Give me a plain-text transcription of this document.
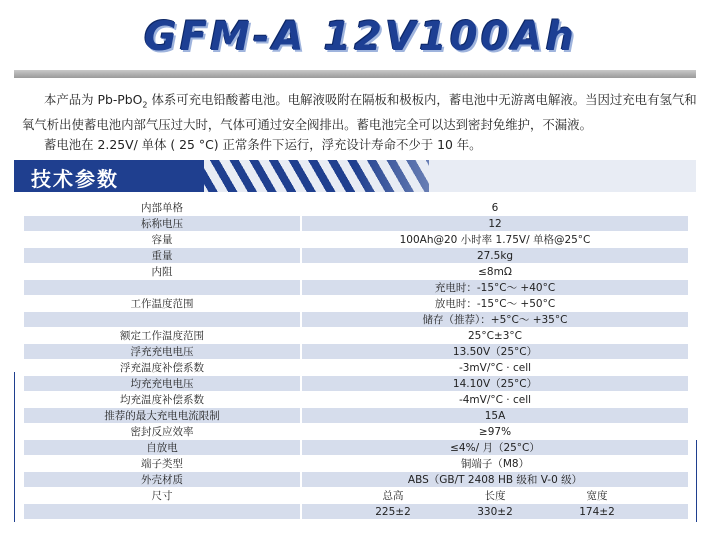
GFM-A 12V100Ah

本产品为 Pb-PbO$_2$ 体系可充电铅酸蓄电池。电解液吸附在隔板和极板内，蓄电池中无游离电解液。当因过充电有氢气和氧气析出使蓄电池内部气压过大时，气体可通过安全阀排出。蓄电池完全可以达到密封免维护，不漏液。

蓄电池在 2.25V/ 单体 ( 25 °C) 正常条件下运行，浮充设计寿命不少于 10 年。

技术参数
内部单格	6
标称电压	12
容量	100Ah@20 小时率 1.75V/ 单格@25°C
重量	27.5kg
内阻	≤8mΩ
	充电时：-15°C～ +40°C
工作温度范围	放电时：-15°C～ +50°C
	储存（推荐）：+5°C～ +35°C
额定工作温度范围	25°C±3°C
浮充充电电压	13.50V（25°C）
浮充温度补偿系数	-3mV/°C · cell
均充充电电压	14.10V（25°C）
均充温度补偿系数	-4mV/°C · cell
推荐的最大充电电流限制	15A
密封反应效率	≥97%
自放电	≤4%/ 月（25°C）
端子类型	铜端子（M8）
外壳材质	ABS（GB/T 2408 HB 级和 V-0 级）
尺寸	总高 长度 宽度

	225±2 330±2 174±2
